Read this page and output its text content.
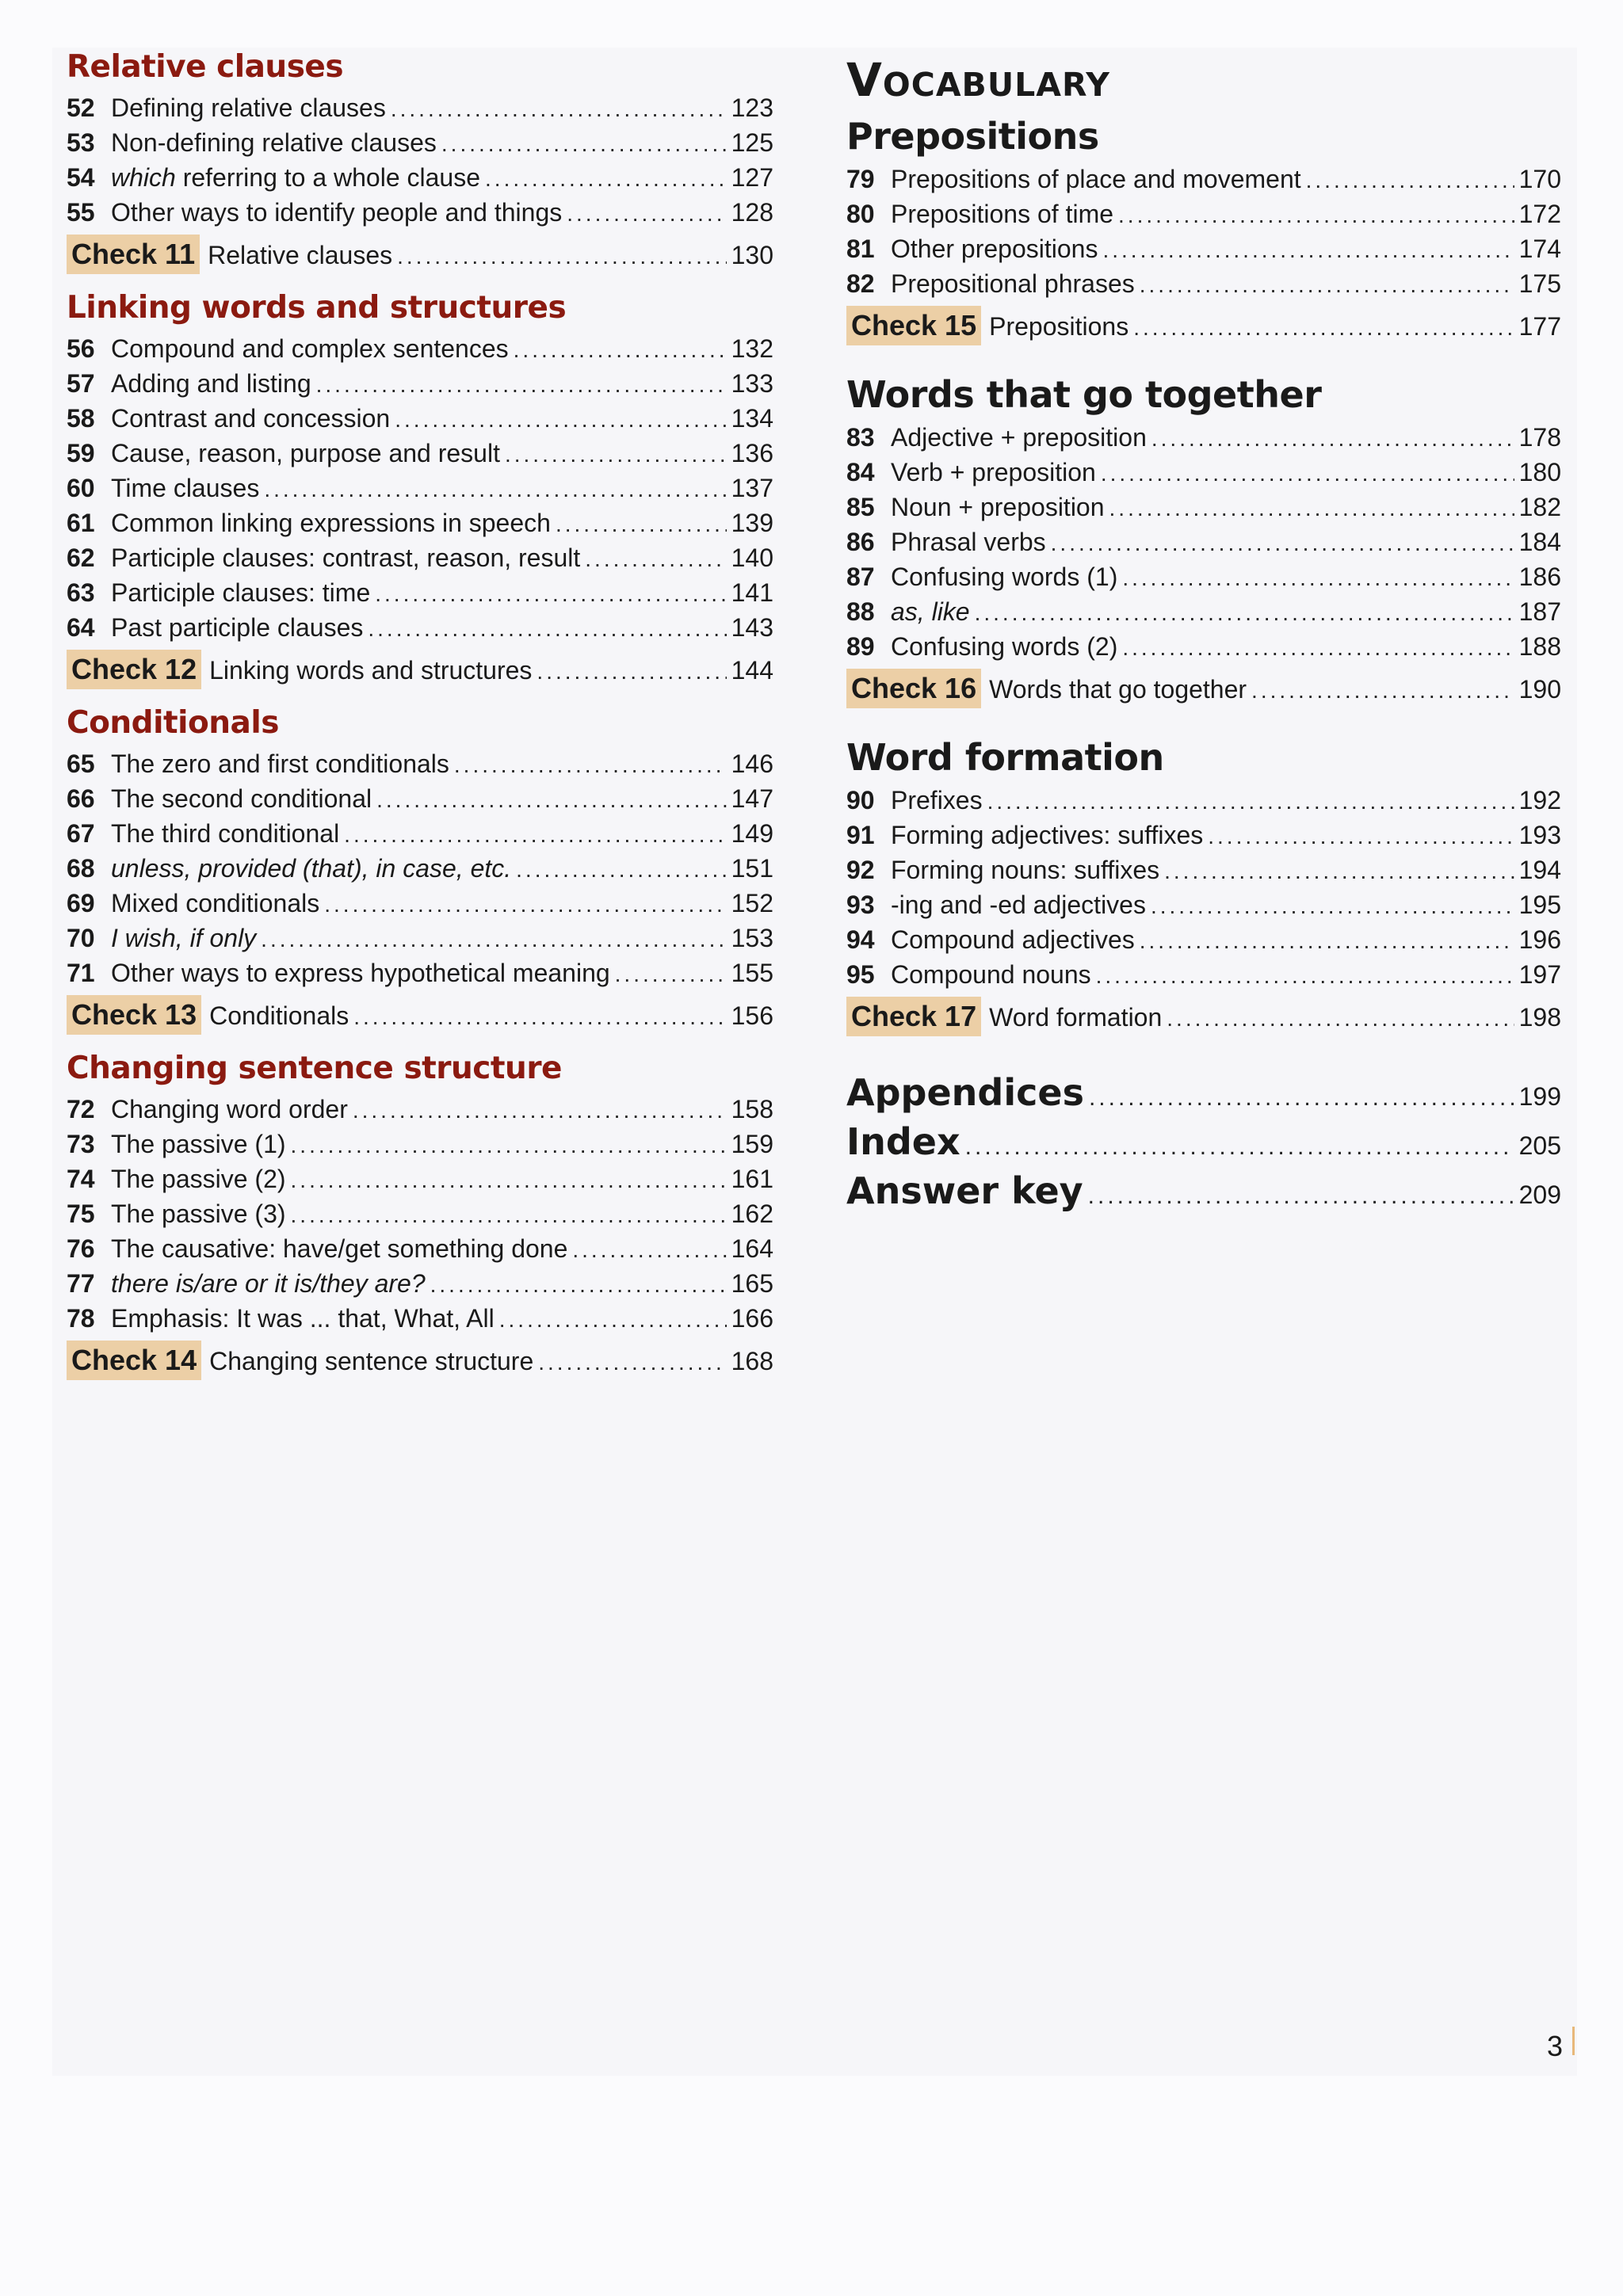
Relative clauses
52 Defining relative clauses .....	123
53 Non-defining relative clauses .....	125
54 which referring to a whole clause .....	127
55 Other ways to identify people and things .....	128
Check 11 Relative clauses .....	130
Linking words and structures
56 Compound and complex sentences .....	132
57 Adding and listing .....	133
58 Contrast and concession .....	134
59 Cause, reason, purpose and result .....	136
60 Time clauses .....	137
61 Common linking expressions in speech .....	139
62 Participle clauses: contrast, reason, result .....	140
63 Participle clauses: time .....	141
64 Past participle clauses .....	143
Check 12 Linking words and structures .....	144
Conditionals
65 The zero and first conditionals .....	146
66 The second conditional .....	147
67 The third conditional .....	149
68 unless, provided (that), in case, etc. .....	151
69 Mixed conditionals .....	152
70 I wish, if only .....	153
71 Other ways to express hypothetical meaning .....	155
Check 13 Conditionals .....	156
Changing sentence structure
72 Changing word order .....	158
73 The passive (1) .....	159
74 The passive (2) .....	161
75 The passive (3) .....	162
76 The causative: have/get something done .....	164
77 there is/are or it is/they are? .....	165
78 Emphasis: It was ... that, What, All .....	166
Check 14 Changing sentence structure .....	168
Vocabulary
Prepositions
79 Prepositions of place and movement .....	170
80 Prepositions of time .....	172
81 Other prepositions .....	174
82 Prepositional phrases .....	175
Check 15 Prepositions .....	177
Words that go together
83 Adjective + preposition .....	178
84 Verb + preposition .....	180
85 Noun + preposition .....	182
86 Phrasal verbs .....	184
87 Confusing words (1) .....	186
88 as, like .....	187
89 Confusing words (2) .....	188
Check 16 Words that go together .....	190
Word formation
90 Prefixes .....	192
91 Forming adjectives: suffixes .....	193
92 Forming nouns: suffixes .....	194
93 -ing and -ed adjectives .....	195
94 Compound adjectives .....	196
95 Compound nouns .....	197
Check 17 Word formation .....	198
Appendices .....	199
Index .....	205
Answer key .....	209
3
